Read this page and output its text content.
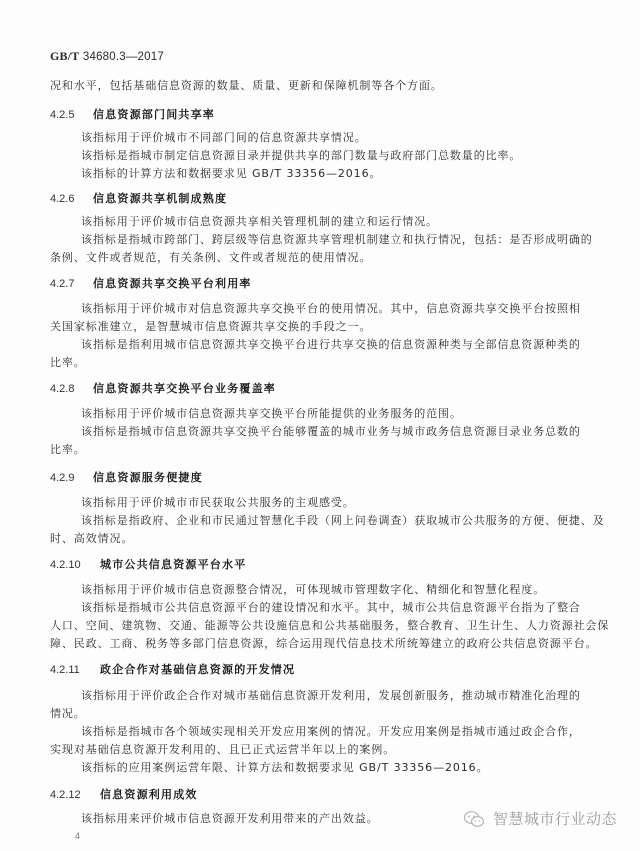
GB/T 34680.3—2017
况和水平，包括基础信息资源的数量、质量、更新和保障机制等各个方面。
4.2.5 信息资源部门间共享率
该指标用于评价城市不同部门间的信息资源共享情况。
该指标是指城市制定信息资源目录并提供共享的部门数量与政府部门总数量的比率。
该指标的计算方法和数据要求见 GB/T 33356—2016。
4.2.6 信息资源共享机制成熟度
该指标用于评价城市信息资源共享相关管理机制的建立和运行情况。
该指标是指城市跨部门、跨层级等信息资源共享管理机制建立和执行情况，包括：是否形成明确的
条例、文件或者规范，有关条例、文件或者规范的使用情况。
4.2.7 信息资源共享交换平台利用率
该指标用于评价城市对信息资源共享交换平台的使用情况。其中，信息资源共享交换平台按照相
关国家标准建立，是智慧城市信息资源共享交换的手段之一。
该指标是指利用城市信息资源共享交换平台进行共享交换的信息资源种类与全部信息资源种类的
比率。
4.2.8 信息资源共享交换平台业务覆盖率
该指标用于评价城市信息资源共享交换平台所能提供的业务服务的范围。
该指标是指城市信息资源共享交换平台能够覆盖的城市业务与城市政务信息资源目录业务总数的
比率。
4.2.9 信息资源服务便捷度
该指标用于评价城市市民获取公共服务的主观感受。
该指标是指政府、企业和市民通过智慧化手段（网上问卷调查）获取城市公共服务的方便、便捷、及
时、高效情况。
4.2.10 城市公共信息资源平台水平
该指标用于评价城市信息资源整合情况，可体现城市管理数字化、精细化和智慧化程度。
该指标是指城市公共信息资源平台的建设情况和水平。其中，城市公共信息资源平台指为了整合
人口、空间、建筑物、交通、能源等公共设施信息和公共基础服务，整合教育、卫生计生、人力资源社会保
障、民政、工商、税务等多部门信息资源，综合运用现代信息技术所统筹建立的政府公共信息资源平台。
4.2.11 政企合作对基础信息资源的开发情况
该指标用于评价政企合作对城市基础信息资源开发利用，发展创新服务，推动城市精准化治理的
情况。
该指标是指城市各个领域实现相关开发应用案例的情况。开发应用案例是指城市通过政企合作，
实现对基础信息资源开发利用的、且已正式运营半年以上的案例。
该指标的应用案例运营年限、计算方法和数据要求见 GB/T 33356—2016。
4.2.12 信息资源利用成效
该指标用来评价城市信息资源开发利用带来的产出效益。
4
智慧城市行业动态
